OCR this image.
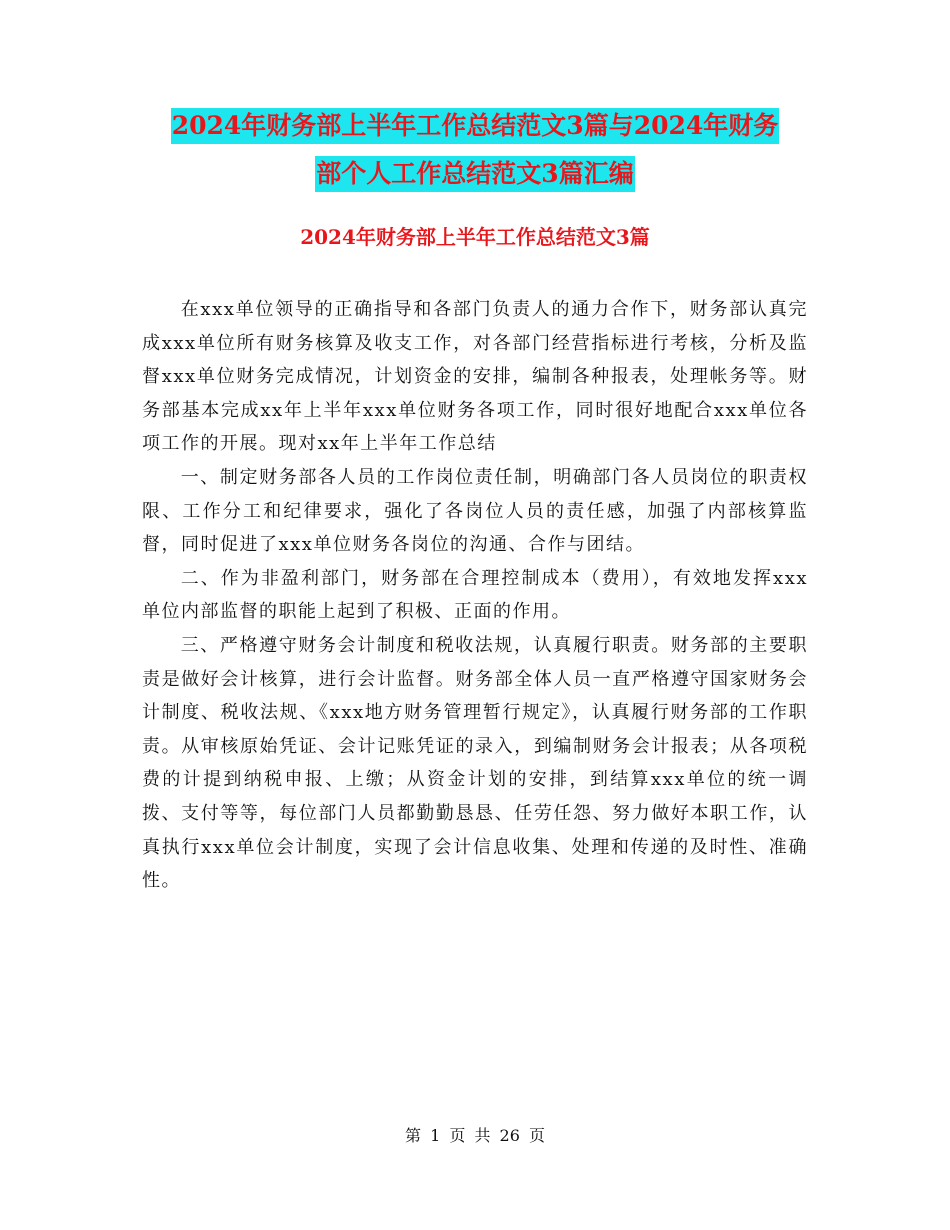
2024年财务部上半年工作总结范文3篇与2024年财务
部个人工作总结范文3篇汇编
2024年财务部上半年工作总结范文3篇

在xxx单位领导的正确指导和各部门负责人的通力合作下，财务部认真完成xxx单位所有财务核算及收支工作，对各部门经营指标进行考核，分析及监督xxx单位财务完成情况，计划资金的安排，编制各种报表，处理帐务等。财务部基本完成xx年上半年xxx单位财务各项工作，同时很好地配合xxx单位各项工作的开展。现对xx年上半年工作总结

一、制定财务部各人员的工作岗位责任制，明确部门各人员岗位的职责权限、工作分工和纪律要求，强化了各岗位人员的责任感，加强了内部核算监督，同时促进了xxx单位财务各岗位的沟通、合作与团结。

二、作为非盈利部门，财务部在合理控制成本（费用），有效地发挥xxx单位内部监督的职能上起到了积极、正面的作用。

三、严格遵守财务会计制度和税收法规，认真履行职责。财务部的主要职责是做好会计核算，进行会计监督。财务部全体人员一直严格遵守国家财务会计制度、税收法规、《xxx地方财务管理暂行规定》，认真履行财务部的工作职责。从审核原始凭证、会计记账凭证的录入，到编制财务会计报表；从各项税费的计提到纳税申报、上缴；从资金计划的安排，到结算xxx单位的统一调拨、支付等等，每位部门人员都勤勤恳恳、任劳任怨、努力做好本职工作，认真执行xxx单位会计制度，实现了会计信息收集、处理和传递的及时性、准确性。

第 1 页 共 26 页
